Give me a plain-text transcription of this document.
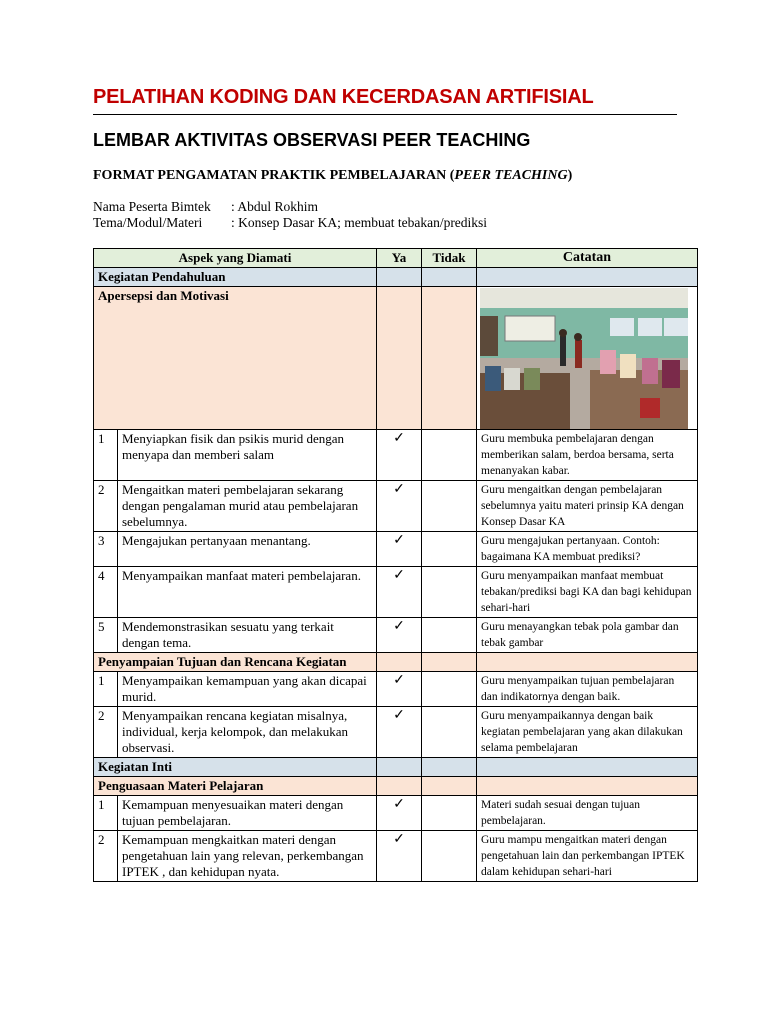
PELATIHAN KODING DAN KECERDASAN ARTIFISIAL
LEMBAR AKTIVITAS OBSERVASI PEER TEACHING
FORMAT PENGAMATAN PRAKTIK PEMBELAJARAN (PEER TEACHING)
Nama Peserta Bimtek	: Abdul Rokhim
Tema/Modul/Materi	: Konsep Dasar KA; membuat tebakan/prediksi
Aspek yang Diamati		Ya	Tidak	Catatan
Kegiatan Pendahuluan				
Apersepsi dan Motivasi			

1	Menyiapkan fisik dan psikis murid dengan menyapa dan memberi salam	✓		Guru membuka pembelajaran dengan memberikan salam, berdoa bersama, serta menanyakan kabar.
2	Mengaitkan materi pembelajaran sekarang dengan pengalaman murid atau pembelajaran sebelumnya.	✓		Guru mengaitkan dengan pembelajaran sebelumnya yaitu materi prinsip KA dengan Konsep Dasar KA
3	Mengajukan pertanyaan menantang.	✓		Guru mengajukan pertanyaan. Contoh: bagaimana KA membuat prediksi?
4	Menyampaikan manfaat materi pembelajaran.	✓		Guru menyampaikan manfaat membuat tebakan/prediksi bagi KA dan bagi kehidupan sehari-hari
5	Mendemonstrasikan sesuatu yang terkait dengan tema.	✓		Guru menayangkan tebak pola gambar dan tebak gambar
Penyampaian Tujuan dan Rencana Kegiatan				
1	Menyampaikan kemampuan yang akan dicapai murid.	✓		Guru menyampaikan tujuan pembelajaran dan indikatornya dengan baik.
2	Menyampaikan rencana kegiatan misalnya, individual, kerja kelompok, dan melakukan observasi.	✓		Guru menyampaikannya dengan baik kegiatan pembelajaran yang akan dilakukan selama pembelajaran
Kegiatan Inti				
Penguasaan Materi Pelajaran				
1	Kemampuan menyesuaikan materi dengan tujuan pembelajaran.	✓		Materi sudah sesuai dengan tujuan pembelajaran.
2	Kemampuan mengkaitkan materi dengan pengetahuan lain yang relevan, perkembangan IPTEK , dan kehidupan nyata.	✓		Guru mampu mengaitkan materi dengan pengetahuan lain dan perkembangan IPTEK dalam kehidupan sehari-hari
